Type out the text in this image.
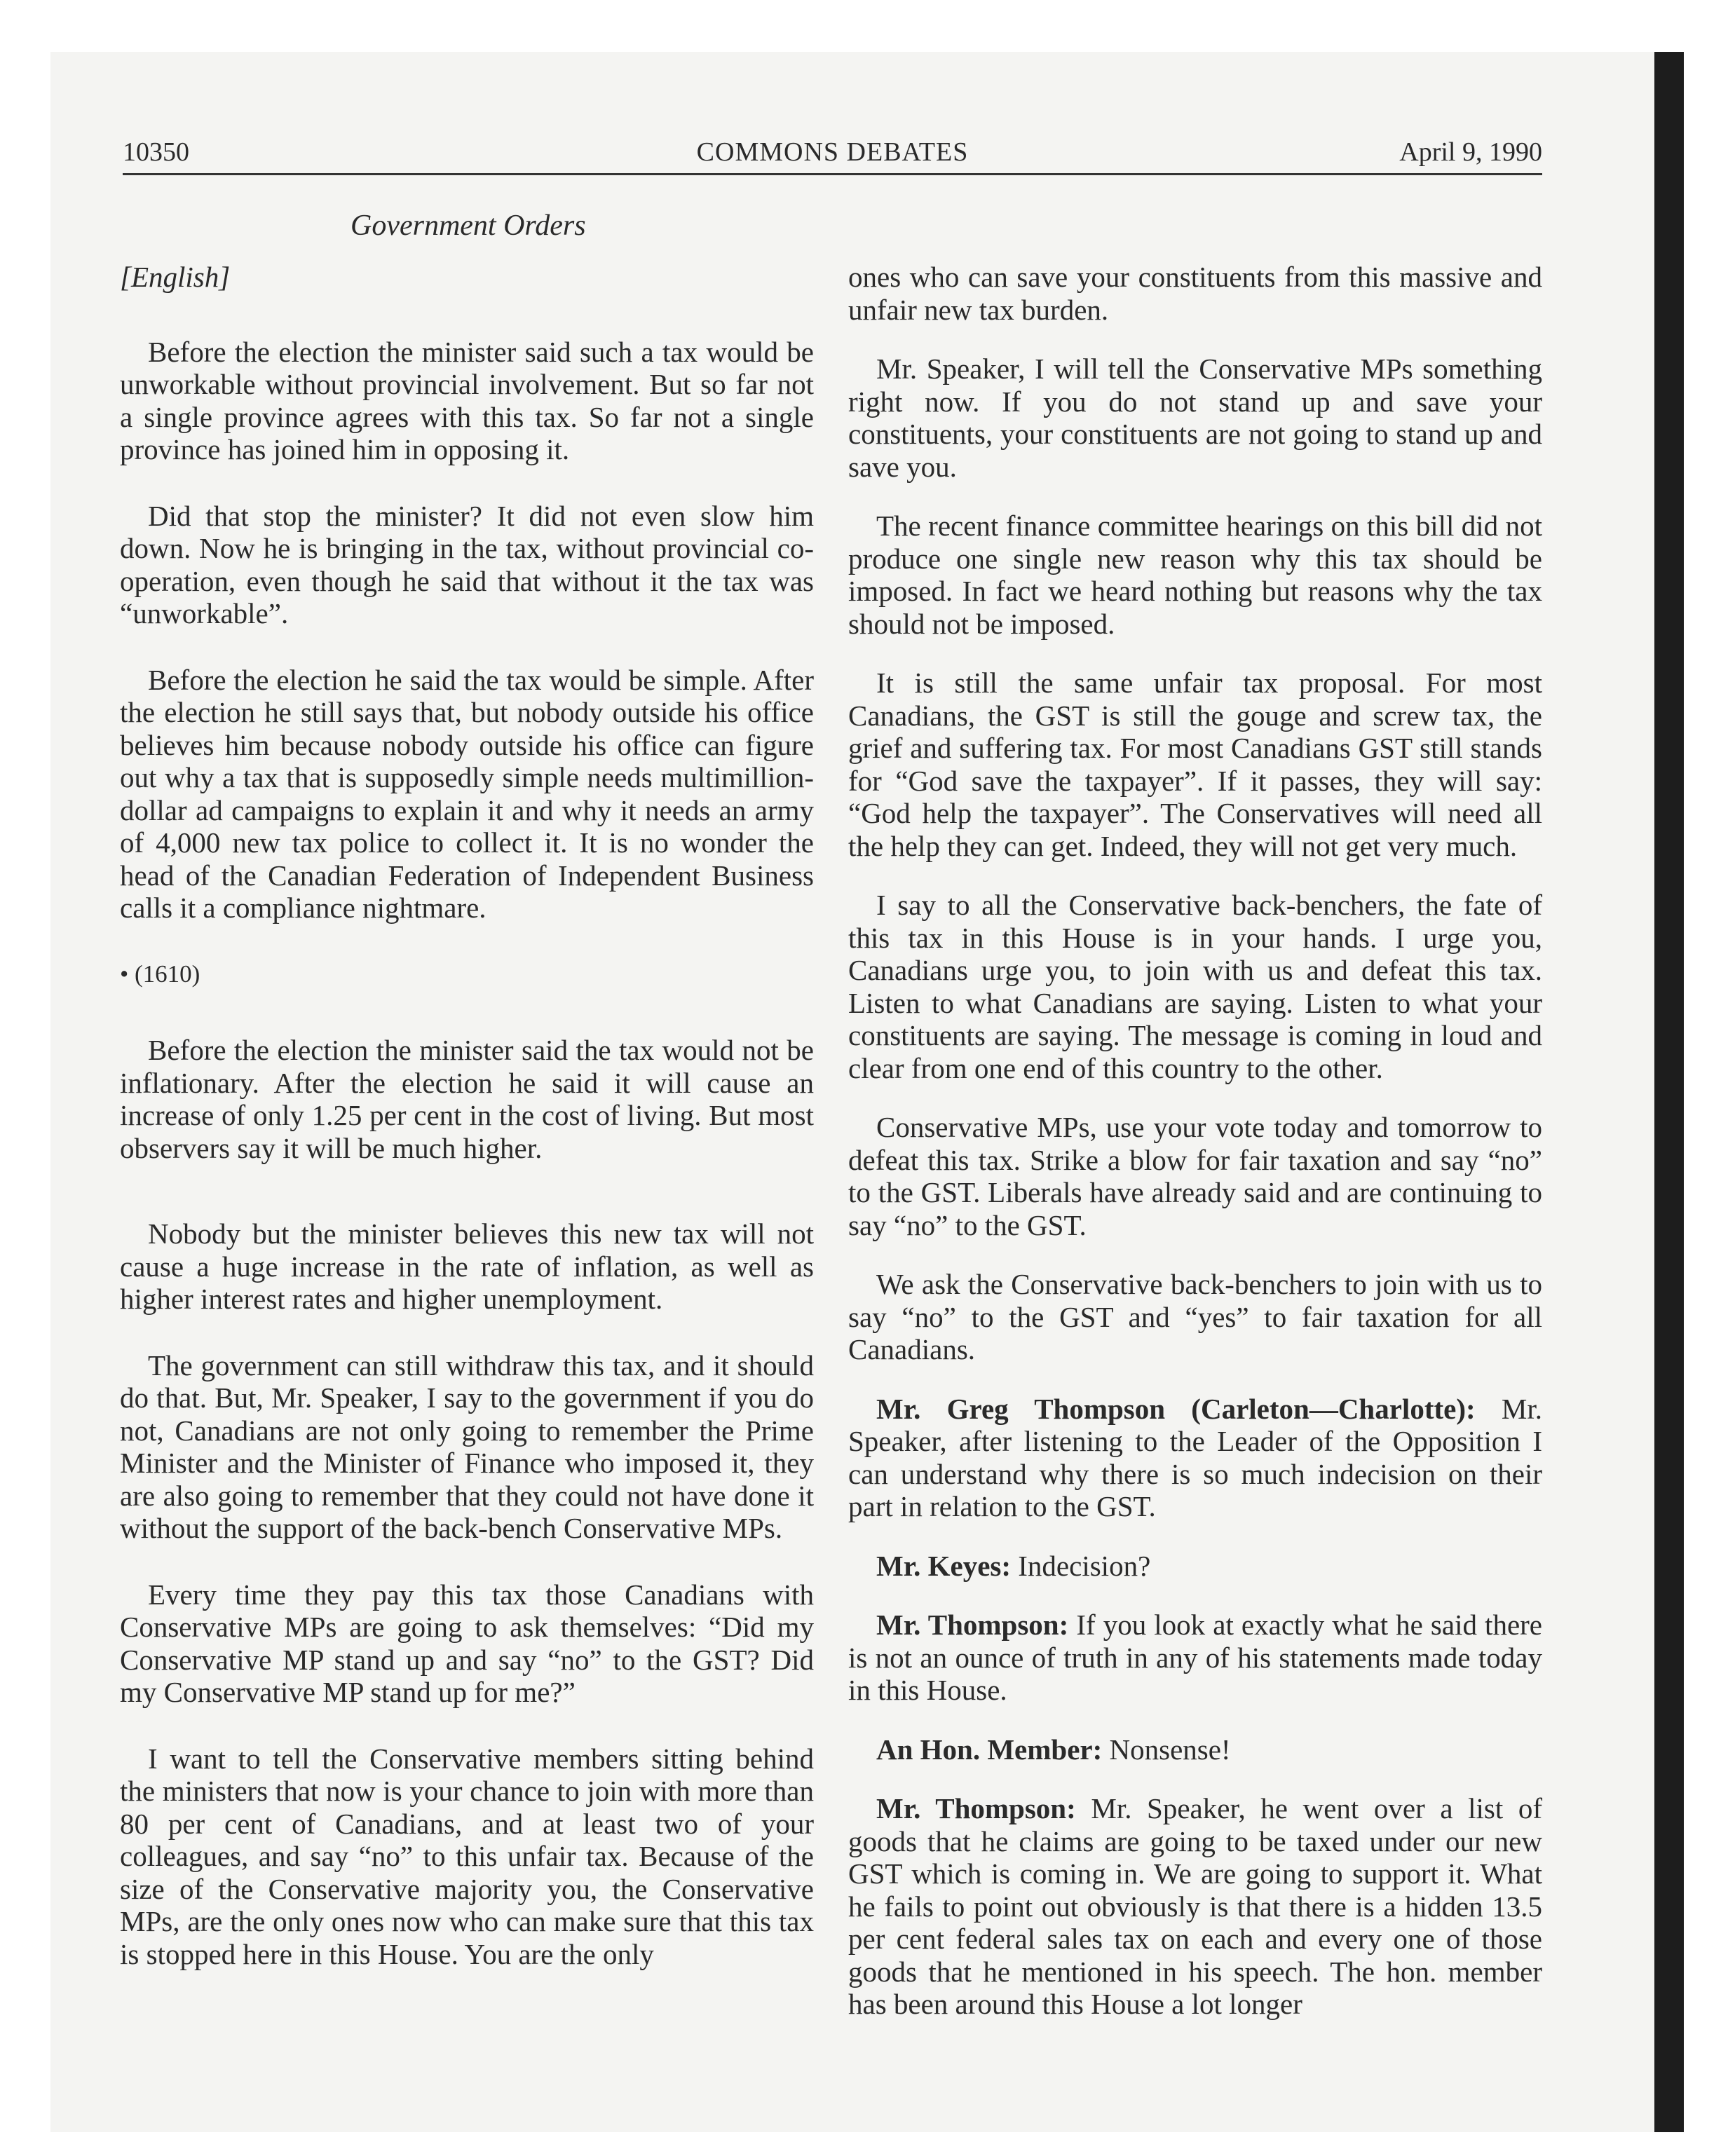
10350	COMMONS DEBATES	April 9, 1990
Government Orders

[English]

Before the election the minister said such a tax would be unworkable without provincial involvement. But so far not a single province agrees with this tax. So far not a single province has joined him in opposing it.

Did that stop the minister? It did not even slow him down. Now he is bringing in the tax, without provincial co-operation, even though he said that without it the tax was “unworkable”.

Before the election he said the tax would be simple. After the election he still says that, but nobody outside his office believes him because nobody outside his office can figure out why a tax that is supposedly simple needs multimillion-dollar ad campaigns to explain it and why it needs an army of 4,000 new tax police to collect it. It is no wonder the head of the Canadian Federation of Independent Business calls it a compliance nightmare.

• (1610)

Before the election the minister said the tax would not be inflationary. After the election he said it will cause an increase of only 1.25 per cent in the cost of living. But most observers say it will be much higher.

Nobody but the minister believes this new tax will not cause a huge increase in the rate of inflation, as well as higher interest rates and higher unemployment.

The government can still withdraw this tax, and it should do that. But, Mr. Speaker, I say to the government if you do not, Canadians are not only going to remember the Prime Minister and the Minister of Finance who imposed it, they are also going to remember that they could not have done it without the support of the back-bench Conservative MPs.

Every time they pay this tax those Canadians with Conservative MPs are going to ask themselves: “Did my Conservative MP stand up and say “no” to the GST? Did my Conservative MP stand up for me?”

I want to tell the Conservative members sitting behind the ministers that now is your chance to join with more than 80 per cent of Canadians, and at least two of your colleagues, and say “no” to this unfair tax. Because of the size of the Conservative majority you, the Conservative MPs, are the only ones now who can make sure that this tax is stopped here in this House. You are the only

ones who can save your constituents from this massive and unfair new tax burden.

Mr. Speaker, I will tell the Conservative MPs something right now. If you do not stand up and save your constituents, your constituents are not going to stand up and save you.

The recent finance committee hearings on this bill did not produce one single new reason why this tax should be imposed. In fact we heard nothing but reasons why the tax should not be imposed.

It is still the same unfair tax proposal. For most Canadians, the GST is still the gouge and screw tax, the grief and suffering tax. For most Canadians GST still stands for “God save the taxpayer”. If it passes, they will say: “God help the taxpayer”. The Conservatives will need all the help they can get. Indeed, they will not get very much.

I say to all the Conservative back-benchers, the fate of this tax in this House is in your hands. I urge you, Canadians urge you, to join with us and defeat this tax. Listen to what Canadians are saying. Listen to what your constituents are saying. The message is coming in loud and clear from one end of this country to the other.

Conservative MPs, use your vote today and tomorrow to defeat this tax. Strike a blow for fair taxation and say “no” to the GST. Liberals have already said and are continuing to say “no” to the GST.

We ask the Conservative back-benchers to join with us to say “no” to the GST and “yes” to fair taxation for all Canadians.

Mr. Greg Thompson (Carleton—Charlotte): Mr. Speaker, after listening to the Leader of the Opposition I can understand why there is so much indecision on their part in relation to the GST.

Mr. Keyes: Indecision?

Mr. Thompson: If you look at exactly what he said there is not an ounce of truth in any of his statements made today in this House.

An Hon. Member: Nonsense!

Mr. Thompson: Mr. Speaker, he went over a list of goods that he claims are going to be taxed under our new GST which is coming in. We are going to support it. What he fails to point out obviously is that there is a hidden 13.5 per cent federal sales tax on each and every one of those goods that he mentioned in his speech. The hon. member has been around this House a lot longer
